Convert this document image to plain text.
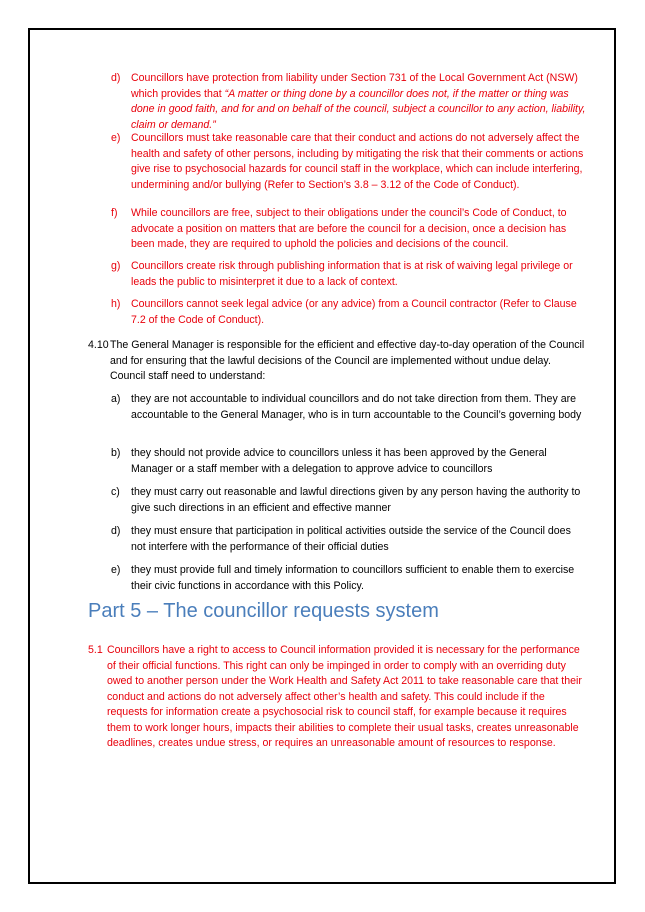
d) Councillors have protection from liability under Section 731 of the Local Government Act (NSW) which provides that “A matter or thing done by a councillor does not, if the matter or thing was done in good faith, and for and on behalf of the council, subject a councillor to any action, liability, claim or demand.”
e) Councillors must take reasonable care that their conduct and actions do not adversely affect the health and safety of other persons, including by mitigating the risk that their comments or actions give rise to psychosocial hazards for council staff in the workplace, which can include interfering, undermining and/or bullying (Refer to Section’s 3.8 – 3.12 of the Code of Conduct).
f) While councillors are free, subject to their obligations under the council’s Code of Conduct, to advocate a position on matters that are before the council for a decision, once a decision has been made, they are required to uphold the policies and decisions of the council.
g) Councillors create risk through publishing information that is at risk of waiving legal privilege or leads the public to misinterpret it due to a lack of context.
h) Councillors cannot seek legal advice (or any advice) from a Council contractor (Refer to Clause 7.2 of the Code of Conduct).
4.10 The General Manager is responsible for the efficient and effective day-to-day operation of the Council and for ensuring that the lawful decisions of the Council are implemented without undue delay. Council staff need to understand:
a) they are not accountable to individual councillors and do not take direction from them. They are accountable to the General Manager, who is in turn accountable to the Council’s governing body
b) they should not provide advice to councillors unless it has been approved by the General Manager or a staff member with a delegation to approve advice to councillors
c) they must carry out reasonable and lawful directions given by any person having the authority to give such directions in an efficient and effective manner
d) they must ensure that participation in political activities outside the service of the Council does not interfere with the performance of their official duties
e) they must provide full and timely information to councillors sufficient to enable them to exercise their civic functions in accordance with this Policy.
Part 5 – The councillor requests system
5.1 Councillors have a right to access to Council information provided it is necessary for the performance of their official functions. This right can only be impinged in order to comply with an overriding duty owed to another person under the Work Health and Safety Act 2011 to take reasonable care that their conduct and actions do not adversely affect other’s health and safety. This could include if the requests for information create a psychosocial risk to council staff, for example because it requires them to work longer hours, impacts their abilities to complete their usual tasks, creates unreasonable deadlines, creates undue stress, or requires an unreasonable amount of resources to response.
